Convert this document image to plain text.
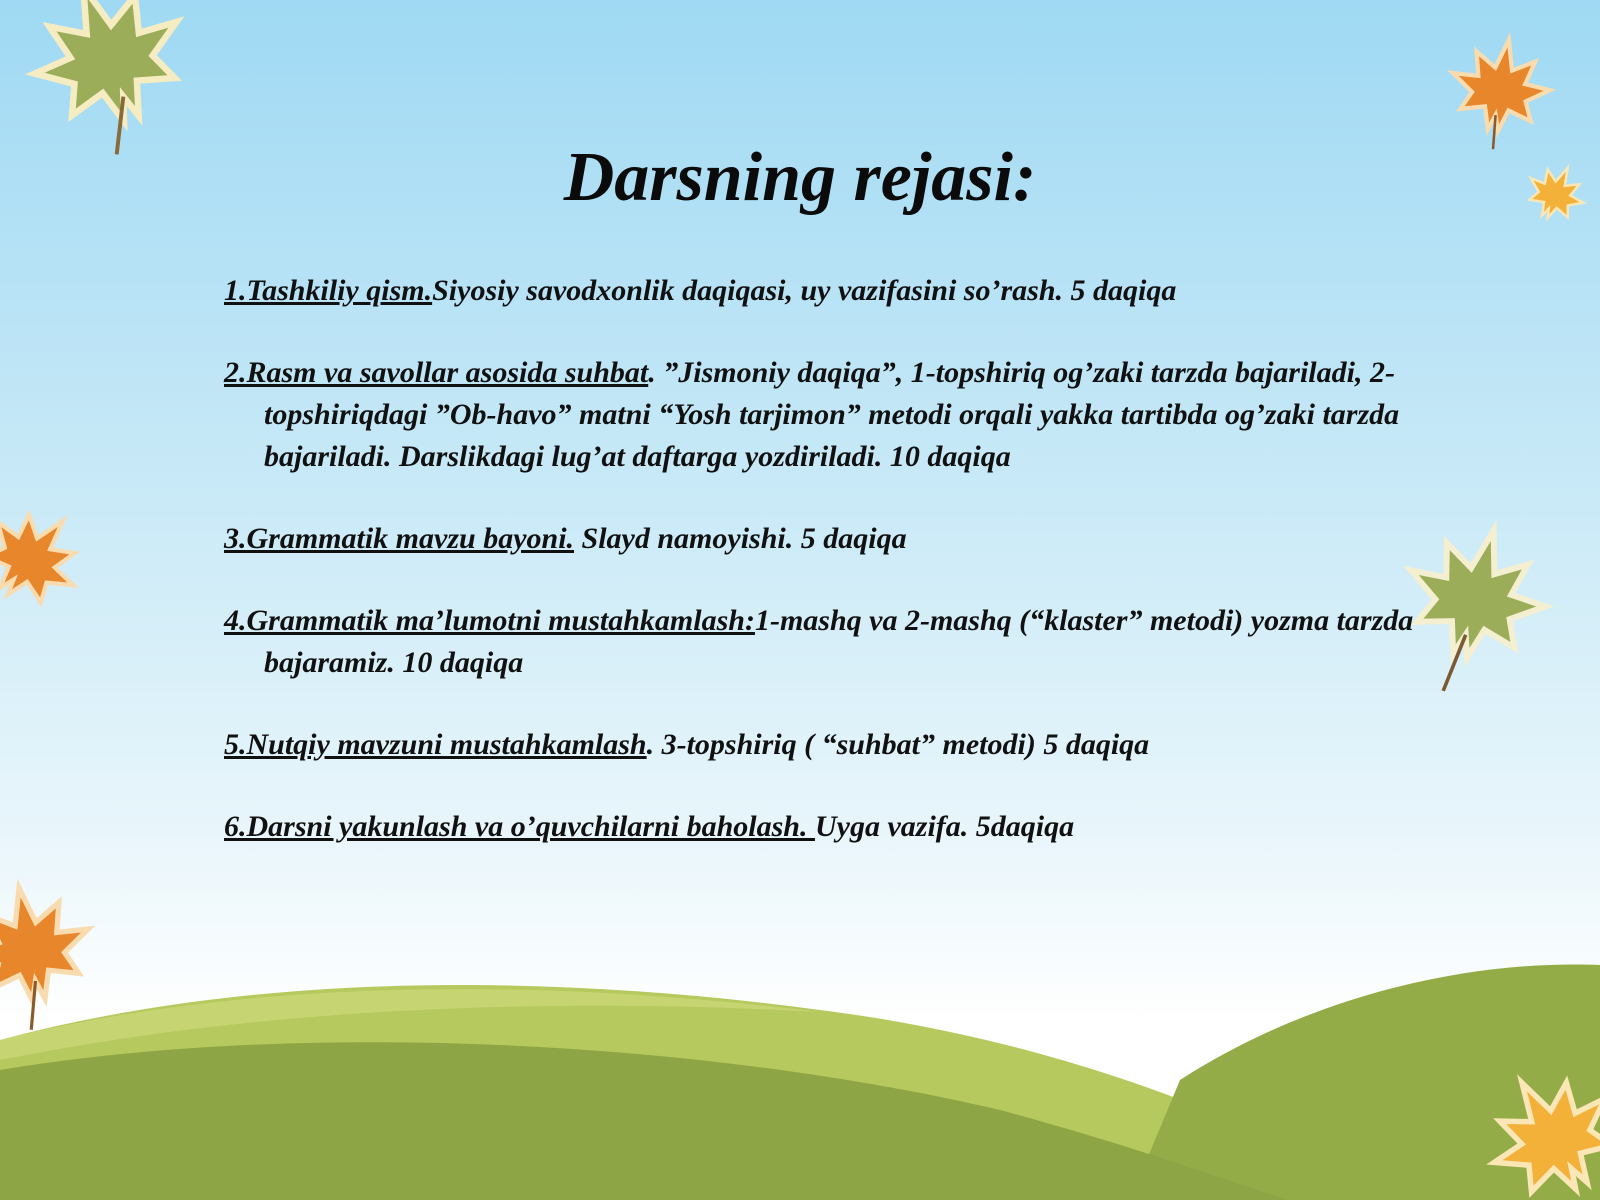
Darsning rejasi:
1.Tashkiliy qism.Siyosiy savodxonlik daqiqasi, uy vazifasini so’rash. 5 daqiqa
2.Rasm va savollar asosida suhbat. ”Jismoniy daqiqa”, 1-topshiriq og’zaki tarzda bajariladi, 2-topshiriqdagi ”Ob-havo” matni “Yosh tarjimon” metodi orqali yakka tartibda og’zaki tarzda bajariladi. Darslikdagi lug’at daftarga yozdiriladi. 10 daqiqa
3.Grammatik mavzu bayoni. Slayd namoyishi. 5 daqiqa
4.Grammatik ma’lumotni mustahkamlash:1-mashq va 2-mashq (“klaster” metodi) yozma tarzda bajaramiz. 10 daqiqa
5.Nutqiy mavzuni mustahkamlash. 3-topshiriq ( “suhbat” metodi) 5 daqiqa
6.Darsni yakunlash va o’quvchilarni baholash. Uyga vazifa. 5daqiqa
